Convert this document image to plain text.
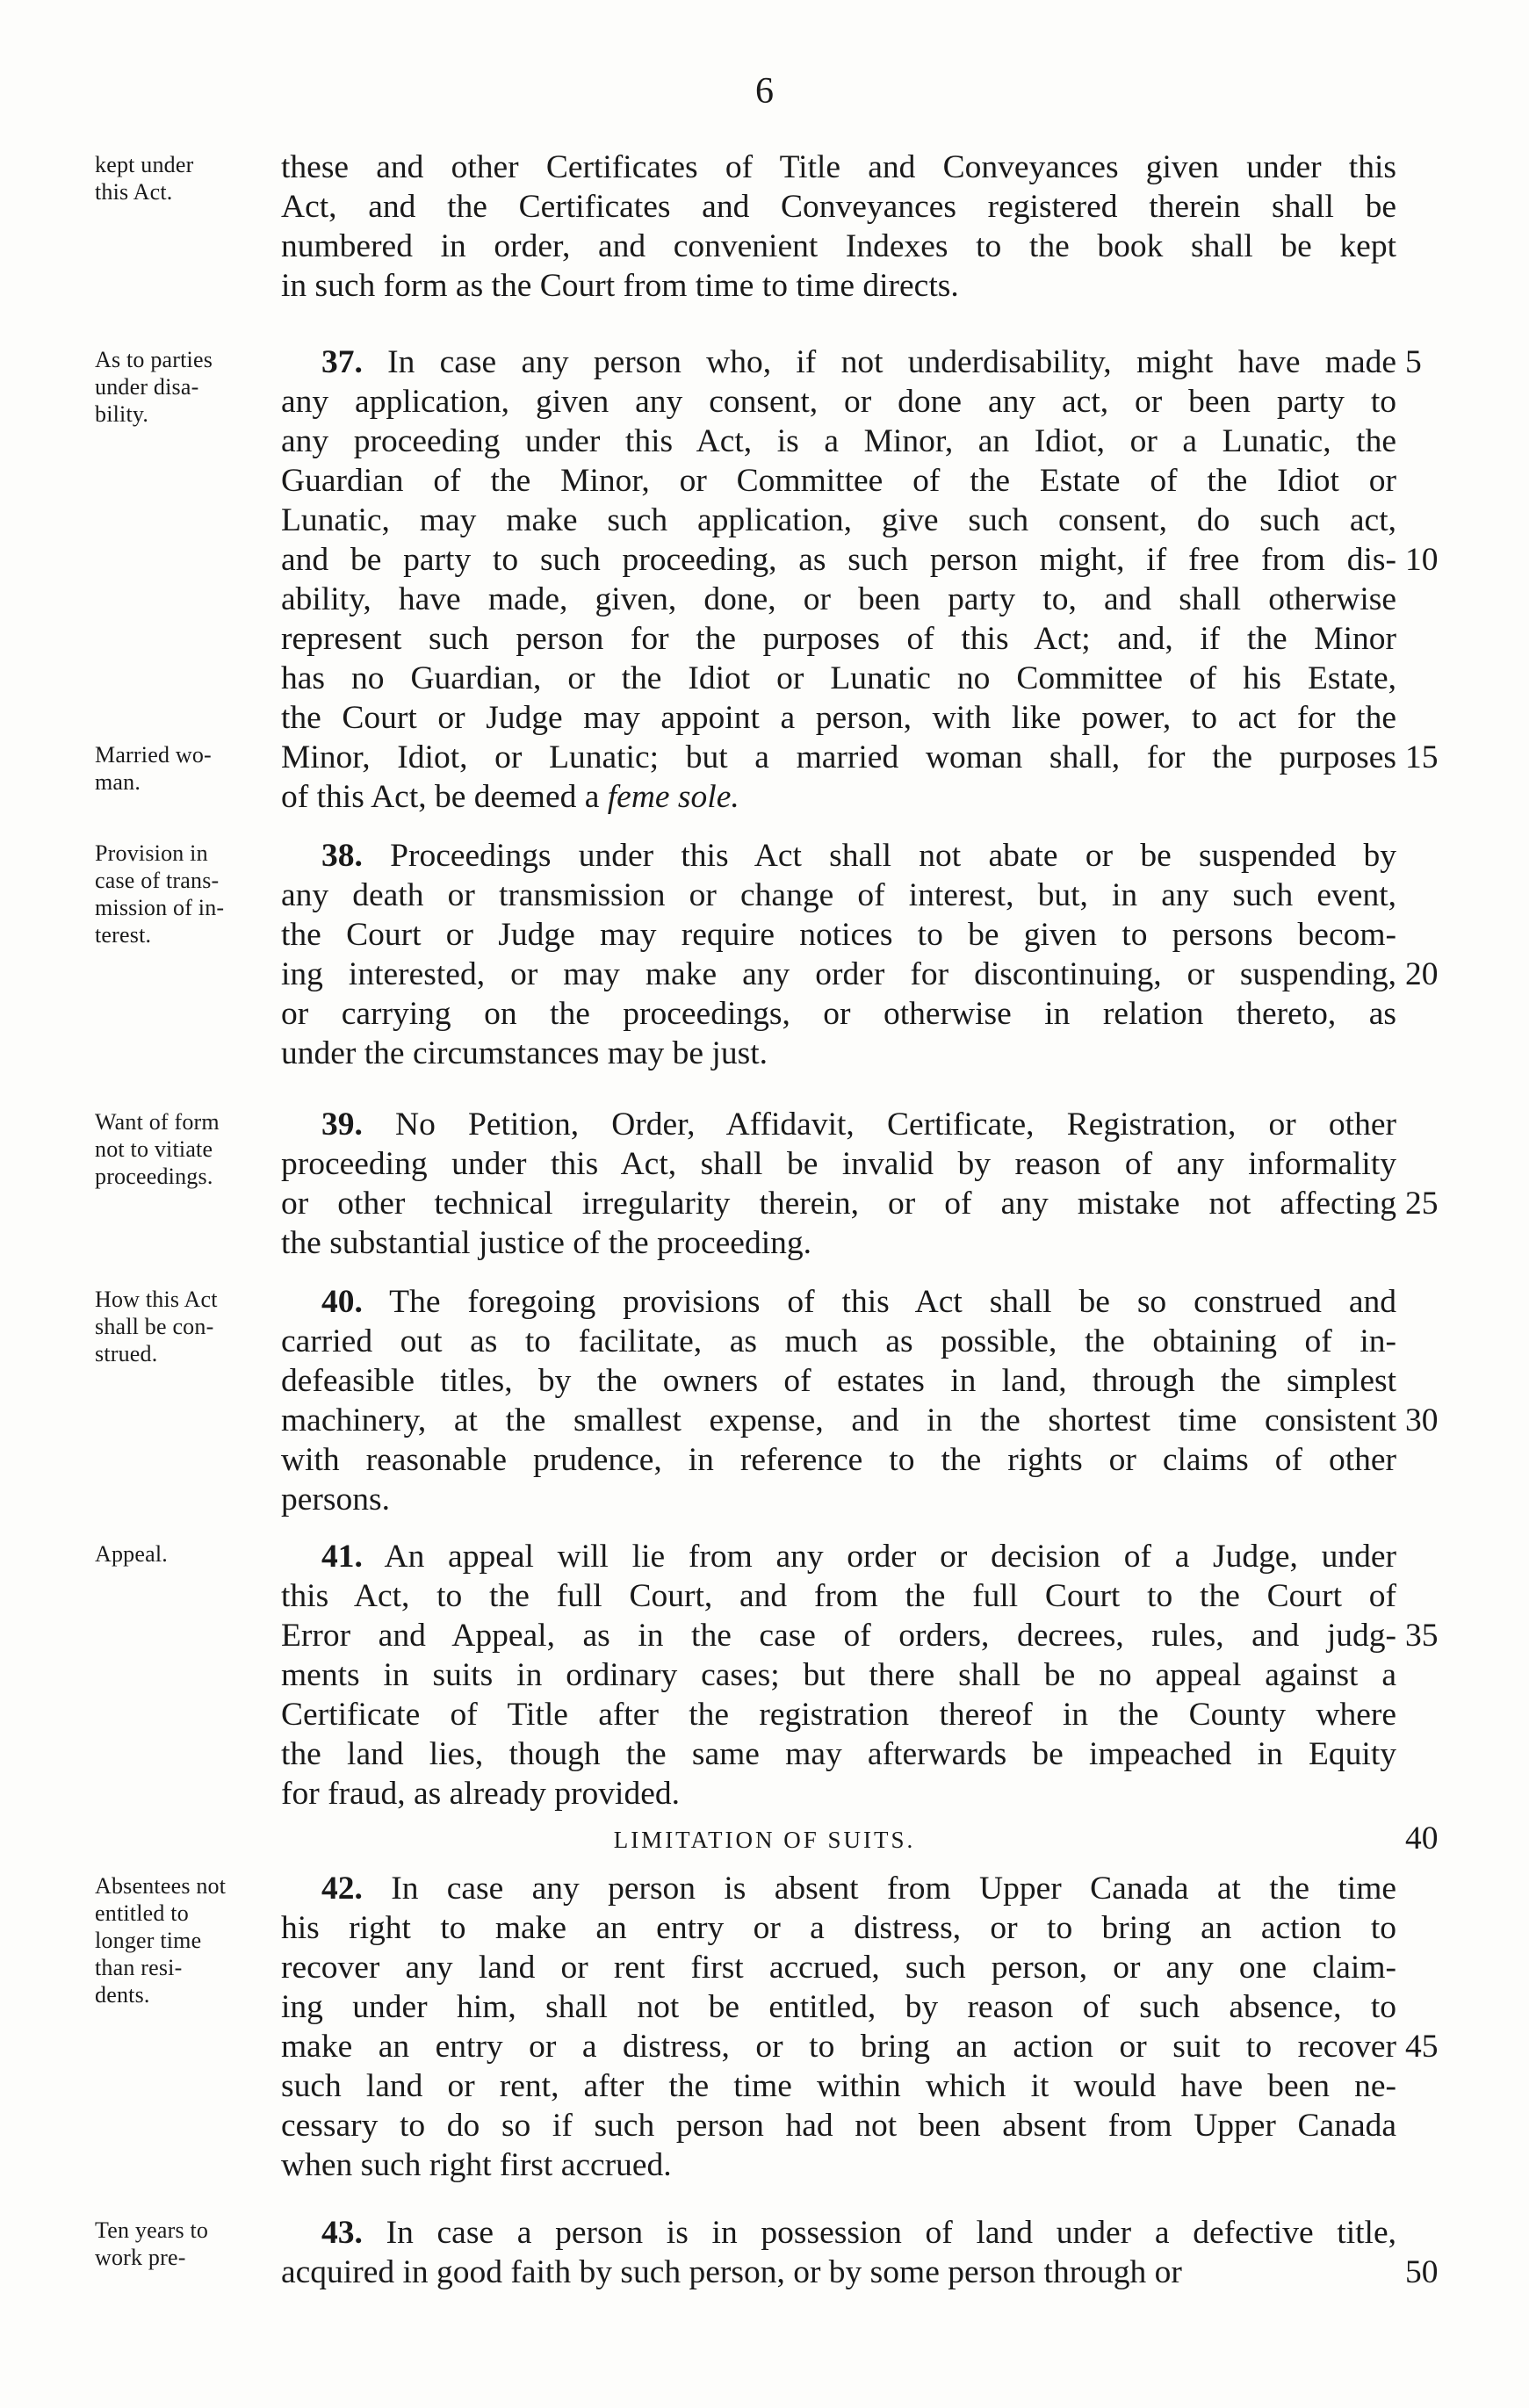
6
kept under
this Act.
these and other Certificates of Title and Conveyances given under this
Act, and the Certificates and Conveyances registered therein shall be
numbered in order, and convenient Indexes to the book shall be kept
in such form as the Court from time to time directs.
As to parties
under disa-
bility.
Married wo-
man.
37. In case any person who, if not underdisability, might have made
any application, given any consent, or done any act, or been party to
any proceeding under this Act, is a Minor, an Idiot, or a Lunatic, the
Guardian of the Minor, or Committee of the Estate of the Idiot or
Lunatic, may make such application, give such consent, do such act,
and be party to such proceeding, as such person might, if free from dis-
ability, have made, given, done, or been party to, and shall otherwise
represent such person for the purposes of this Act; and, if the Minor
has no Guardian, or the Idiot or Lunatic no Committee of his Estate,
the Court or Judge may appoint a person, with like power, to act for the
Minor, Idiot, or Lunatic; but a married woman shall, for the purposes
of this Act, be deemed a feme sole.
5
10
15
Provision in
case of trans-
mission of in-
terest.
38. Proceedings under this Act shall not abate or be suspended by
any death or transmission or change of interest, but, in any such event,
the Court or Judge may require notices to be given to persons becom-
ing interested, or may make any order for discontinuing, or suspending,
or carrying on the proceedings, or otherwise in relation thereto, as
under the circumstances may be just.
20
Want of form
not to vitiate
proceedings.
39. No Petition, Order, Affidavit, Certificate, Registration, or other
proceeding under this Act, shall be invalid by reason of any informality
or other technical irregularity therein, or of any mistake not affecting
the substantial justice of the proceeding.
25
How this Act
shall be con-
strued.
40. The foregoing provisions of this Act shall be so construed and
carried out as to facilitate, as much as possible, the obtaining of in-
defeasible titles, by the owners of estates in land, through the simplest
machinery, at the smallest expense, and in the shortest time consistent
with reasonable prudence, in reference to the rights or claims of other
persons.
30
Appeal.	41. An appeal will lie from any order or decision of a Judge, under
this Act, to the full Court, and from the full Court to the Court of
Error and Appeal, as in the case of orders, decrees, rules, and judg-
ments in suits in ordinary cases; but there shall be no appeal against a
Certificate of Title after the registration thereof in the County where
the land lies, though the same may afterwards be impeached in Equity
for fraud, as already provided.
35
LIMITATION OF SUITS.	40
Absentees not
entitled to
longer time
than resi-
dents.
42. In case any person is absent from Upper Canada at the time
his right to make an entry or a distress, or to bring an action to
recover any land or rent first accrued, such person, or any one claim-
ing under him, shall not be entitled, by reason of such absence, to
make an entry or a distress, or to bring an action or suit to recover
such land or rent, after the time within which it would have been ne-
cessary to do so if such person had not been absent from Upper Canada
when such right first accrued.
45
Ten years to
work pre-
43. In case a person is in possession of land under a defective title,
acquired in good faith by such person, or by some person through or	50
